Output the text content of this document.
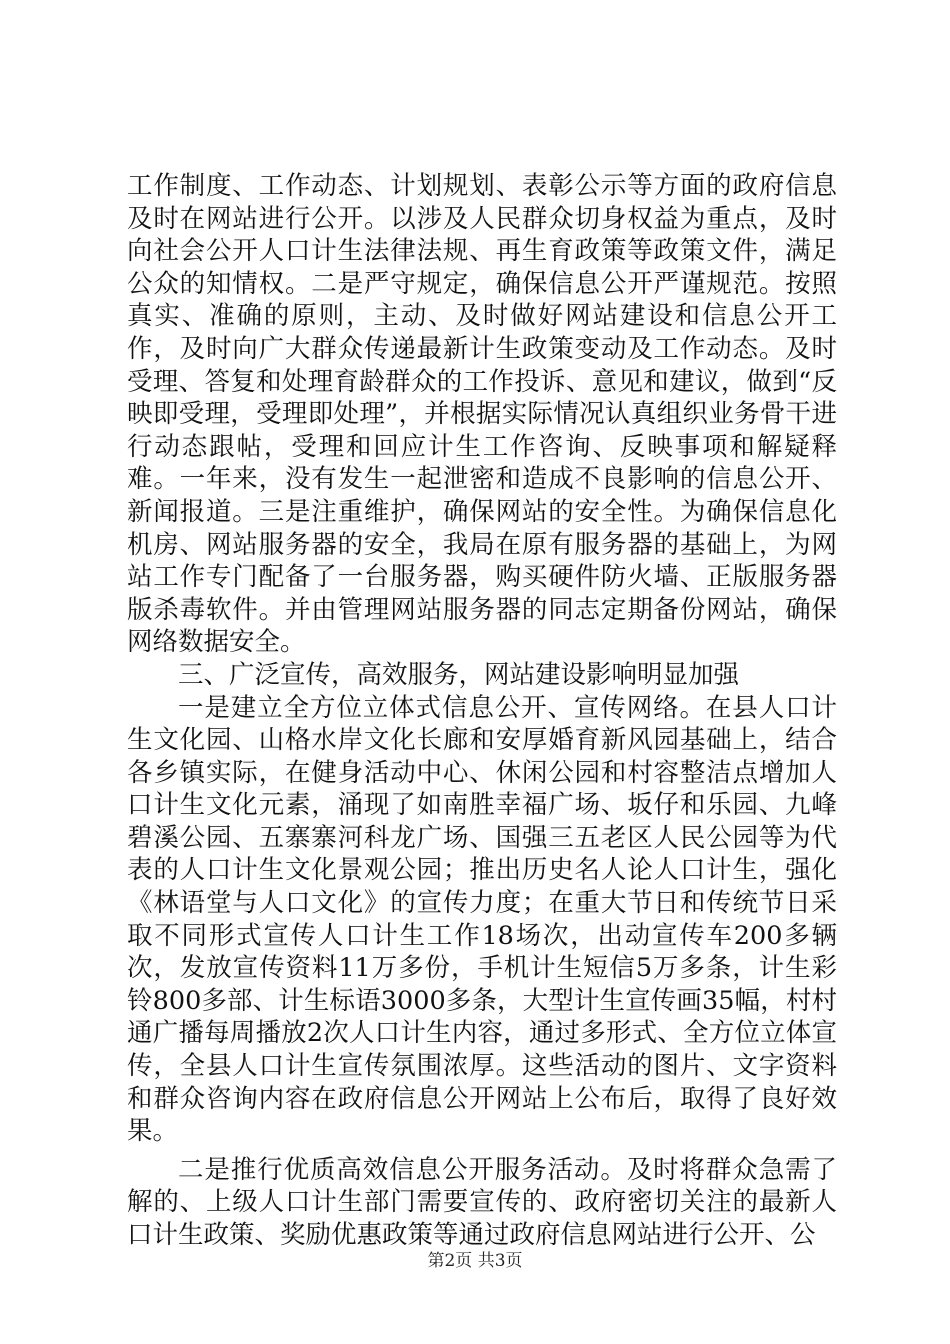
工作制度、工作动态、计划规划、表彰公示等方面的政府信息及时在网站进行公开。以涉及人民群众切身权益为重点，及时向社会公开人口计生法律法规、再生育政策等政策文件，满足公众的知情权。二是严守规定，确保信息公开严谨规范。按照真实、准确的原则，主动、及时做好网站建设和信息公开工作，及时向广大群众传递最新计生政策变动及工作动态。及时受理、答复和处理育龄群众的工作投诉、意见和建议，做到“反映即受理，受理即处理”，并根据实际情况认真组织业务骨干进行动态跟帖，受理和回应计生工作咨询、反映事项和解疑释难。一年来，没有发生一起泄密和造成不良影响的信息公开、新闻报道。三是注重维护，确保网站的安全性。为确保信息化机房、网站服务器的安全，我局在原有服务器的基础上，为网站工作专门配备了一台服务器，购买硬件防火墙、正版服务器版杀毒软件。并由管理网站服务器的同志定期备份网站，确保网络数据安全。

三、广泛宣传，高效服务，网站建设影响明显加强

一是建立全方位立体式信息公开、宣传网络。在县人口计生文化园、山格水岸文化长廊和安厚婚育新风园基础上，结合各乡镇实际，在健身活动中心、休闲公园和村容整洁点增加人口计生文化元素，涌现了如南胜幸福广场、坂仔和乐园、九峰碧溪公园、五寨寨河科龙广场、国强三五老区人民公园等为代表的人口计生文化景观公园；推出历史名人论人口计生，强化《林语堂与人口文化》的宣传力度；在重大节日和传统节日采取不同形式宣传人口计生工作18场次，出动宣传车200多辆次，发放宣传资料11万多份，手机计生短信5万多条，计生彩铃800多部、计生标语3000多条，大型计生宣传画35幅，村村通广播每周播放2次人口计生内容，通过多形式、全方位立体宣传，全县人口计生宣传氛围浓厚。这些活动的图片、文字资料和群众咨询内容在政府信息公开网站上公布后，取得了良好效果。

二是推行优质高效信息公开服务活动。及时将群众急需了解的、上级人口计生部门需要宣传的、政府密切关注的最新人口计生政策、奖励优惠政策等通过政府信息网站进行公开、公

第2页 共3页
